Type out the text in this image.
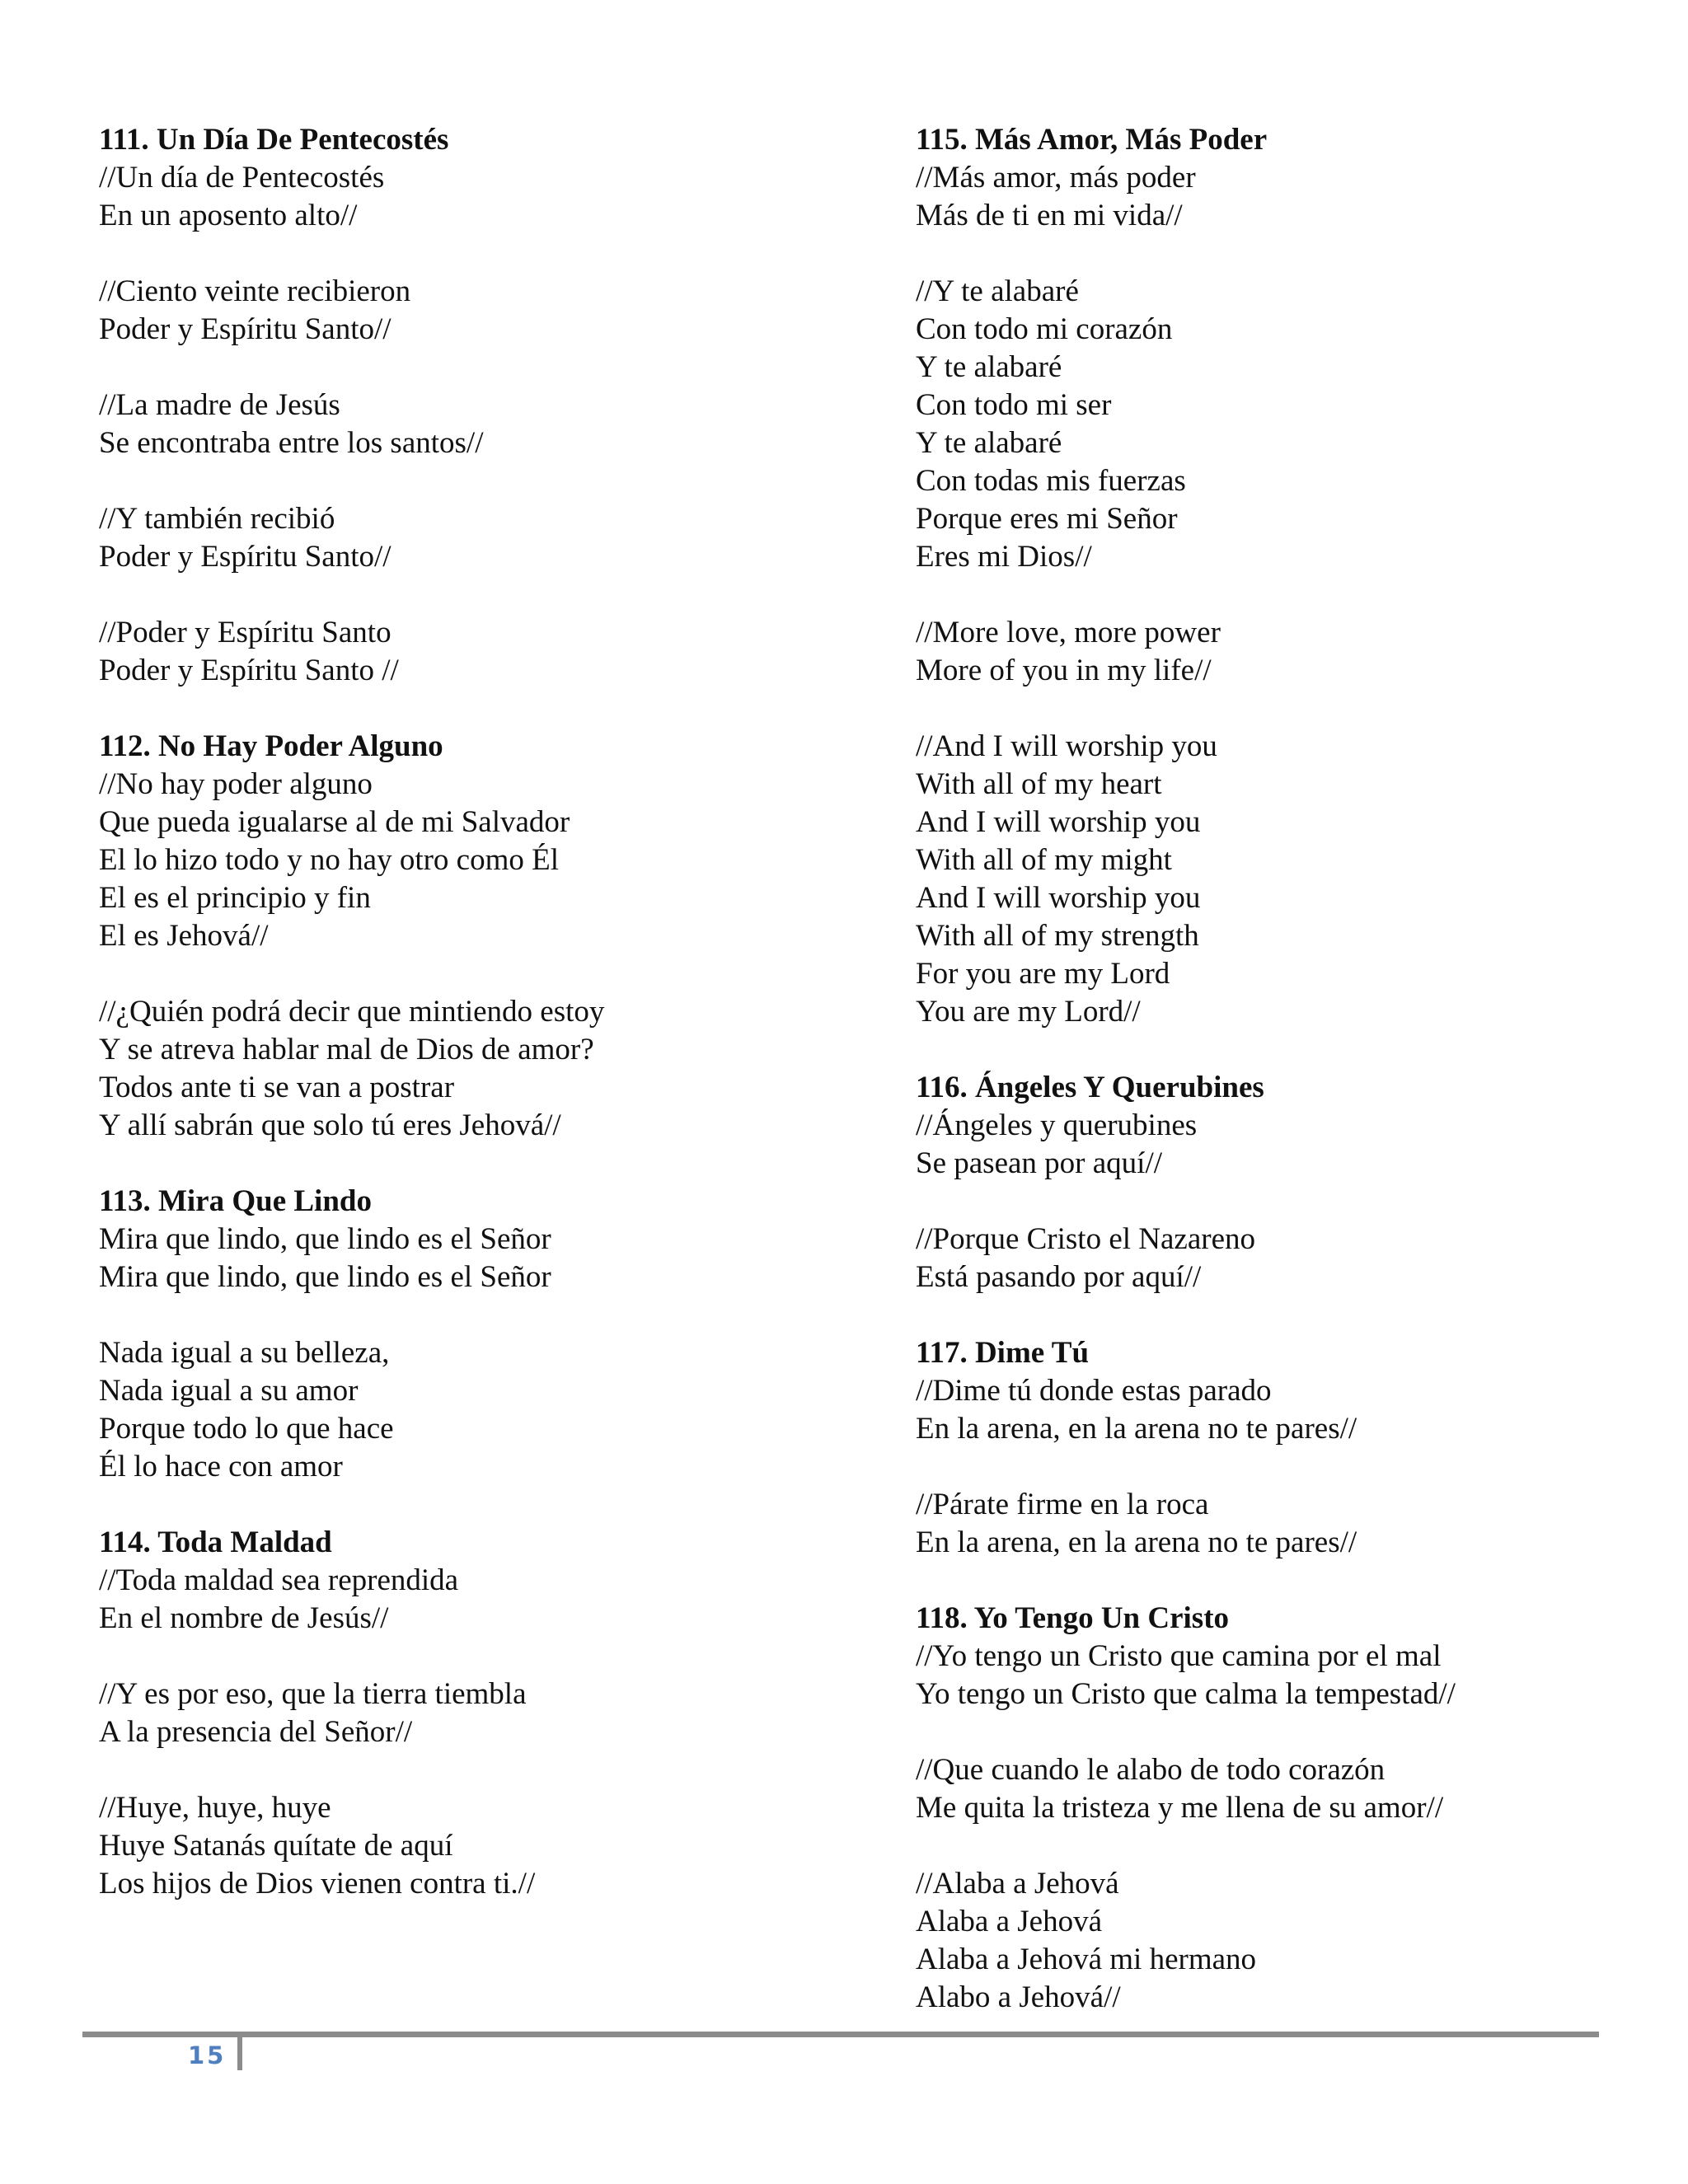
111. Un Día De Pentecostés
//Un día de Pentecostés
En un aposento alto//
//Ciento veinte recibieron
Poder y Espíritu Santo//
//La madre de Jesús
Se encontraba entre los santos//
//Y también recibió
Poder y Espíritu Santo//
//Poder y Espíritu Santo
Poder y Espíritu Santo //
112. No Hay Poder Alguno
//No hay poder alguno
Que pueda igualarse al de mi Salvador
El lo hizo todo y no hay otro como Él
El es el principio y fin
El es Jehová//
//¿Quién podrá decir que mintiendo estoy
Y se atreva hablar mal de Dios de amor?
Todos ante ti se van a postrar
Y allí sabrán que solo tú eres Jehová//
113. Mira Que Lindo
Mira que lindo, que lindo es el Señor
Mira que lindo, que lindo es el Señor
Nada igual a su belleza,
Nada igual a su amor
Porque todo lo que hace
Él lo hace con amor
114. Toda Maldad
//Toda maldad sea reprendida
En el nombre de Jesús//
//Y es por eso, que la tierra tiembla
A la presencia del Señor//
//Huye, huye, huye
Huye Satanás quítate de aquí
Los hijos de Dios vienen contra ti.//
115. Más Amor, Más Poder
//Más amor, más poder
Más de ti en mi vida//
//Y te alabaré
Con todo mi corazón
Y te alabaré
Con todo mi ser
Y te alabaré
Con todas mis fuerzas
Porque eres mi Señor
Eres mi Dios//
//More love, more power
More of you in my life//
//And I will worship you
With all of my heart
And I will worship you
With all of my might
And I will worship you
With all of my strength
For you are my Lord
You are my Lord//
116. Ángeles Y Querubines
//Ángeles y querubines
Se pasean por aquí//
//Porque Cristo el Nazareno
Está pasando por aquí//
117. Dime Tú
//Dime tú donde estas parado
En la arena, en la arena no te pares//
//Párate firme en la roca
En la arena, en la arena no te pares//
118. Yo Tengo Un Cristo
//Yo tengo un Cristo que camina por el mal
Yo tengo un Cristo que calma la tempestad//
//Que cuando le alabo de todo corazón
Me quita la tristeza y me llena de su amor//
//Alaba a Jehová
Alaba a Jehová
Alaba a Jehová mi hermano
Alabo a Jehová//
15
